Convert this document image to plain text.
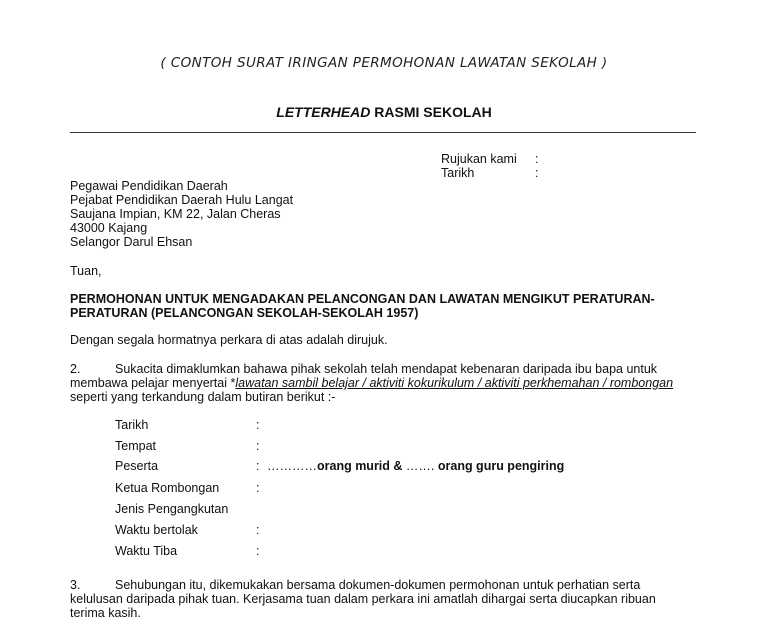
( CONTOH SURAT IRINGAN PERMOHONAN LAWATAN SEKOLAH )
LETTERHEAD RASMI SEKOLAH
Rujukan kami :
Tarikh	:
Pegawai Pendidikan Daerah
Pejabat Pendidikan Daerah Hulu Langat
Saujana Impian, KM 22, Jalan Cheras
43000 Kajang
Selangor Darul Ehsan
Tuan,
PERMOHONAN UNTUK MENGADAKAN PELANCONGAN DAN LAWATAN MENGIKUT PERATURAN-
PERATURAN (PELANCONGAN SEKOLAH-SEKOLAH 1957)
Dengan segala hormatnya perkara di atas adalah dirujuk.
2.	Sukacita dimaklumkan bahawa pihak sekolah telah mendapat kebenaran daripada ibu bapa untuk
membawa pelajar menyertai *lawatan sambil belajar / aktiviti kokurikulum / aktiviti perkhemahan / rombongan
seperti yang terkandung dalam butiran berikut :-
Tarikh	:
Tempat	:
Peserta	: …………orang murid & ……. orang guru pengiring
Ketua Rombongan	:
Jenis Pengangkutan
Waktu bertolak	:
Waktu Tiba	:
3.	Sehubungan itu, dikemukakan bersama dokumen-dokumen permohonan untuk perhatian serta
kelulusan daripada pihak tuan. Kerjasama tuan dalam perkara ini amatlah dihargai serta diucapkan ribuan
terima kasih.
